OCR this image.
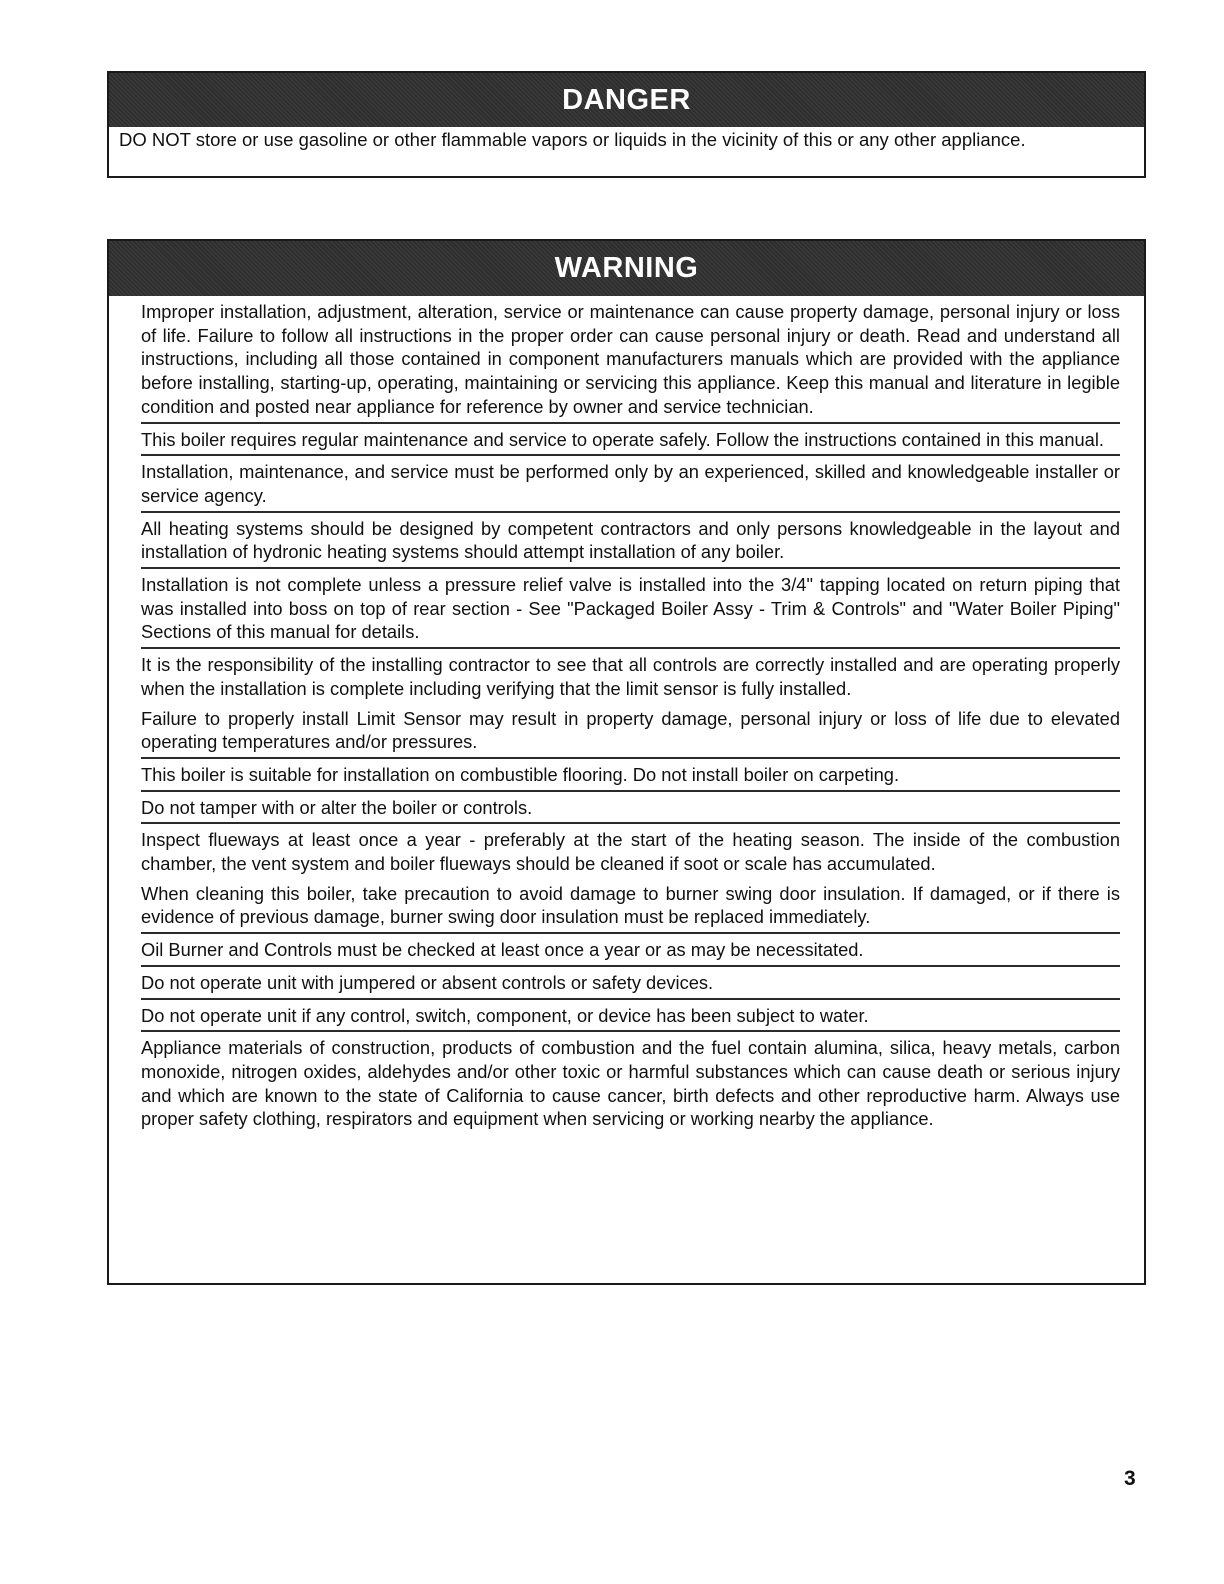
DANGER
DO NOT store or use gasoline or other flammable vapors or liquids in the vicinity of this or any other appliance.
WARNING

Improper installation, adjustment, alteration, service or maintenance can cause property damage, personal injury or loss of life. Failure to follow all instructions in the proper order can cause personal injury or death. Read and understand all instructions, including all those contained in component manufacturers manuals which are provided with the appliance before installing, starting-up, operating, maintaining or servicing this appliance. Keep this manual and literature in legible condition and posted near appliance for reference by owner and service technician.

This boiler requires regular maintenance and service to operate safely. Follow the instructions contained in this manual.

Installation, maintenance, and service must be performed only by an experienced, skilled and knowledgeable installer or service agency.

All heating systems should be designed by competent contractors and only persons knowledgeable in the layout and installation of hydronic heating systems should attempt installation of any boiler.

Installation is not complete unless a pressure relief valve is installed into the 3/4" tapping located on return piping that was installed into boss on top of rear section - See "Packaged Boiler Assy - Trim & Controls" and "Water Boiler Piping" Sections of this manual for details.

It is the responsibility of the installing contractor to see that all controls are correctly installed and are operating properly when the installation is complete including verifying that the limit sensor is fully installed.

Failure to properly install Limit Sensor may result in property damage, personal injury or loss of life due to elevated operating temperatures and/or pressures.

This boiler is suitable for installation on combustible flooring. Do not install boiler on carpeting.

Do not tamper with or alter the boiler or controls.

Inspect flueways at least once a year - preferably at the start of the heating season. The inside of the combustion chamber, the vent system and boiler flueways should be cleaned if soot or scale has accumulated.

When cleaning this boiler, take precaution to avoid damage to burner swing door insulation. If damaged, or if there is evidence of previous damage, burner swing door insulation must be replaced immediately.

Oil Burner and Controls must be checked at least once a year or as may be necessitated.

Do not operate unit with jumpered or absent controls or safety devices.

Do not operate unit if any control, switch, component, or device has been subject to water.

Appliance materials of construction, products of combustion and the fuel contain alumina, silica, heavy metals, carbon monoxide, nitrogen oxides, aldehydes and/or other toxic or harmful substances which can cause death or serious injury and which are known to the state of California to cause cancer, birth defects and other reproductive harm. Always use proper safety clothing, respirators and equipment when servicing or working nearby the appliance.

3
